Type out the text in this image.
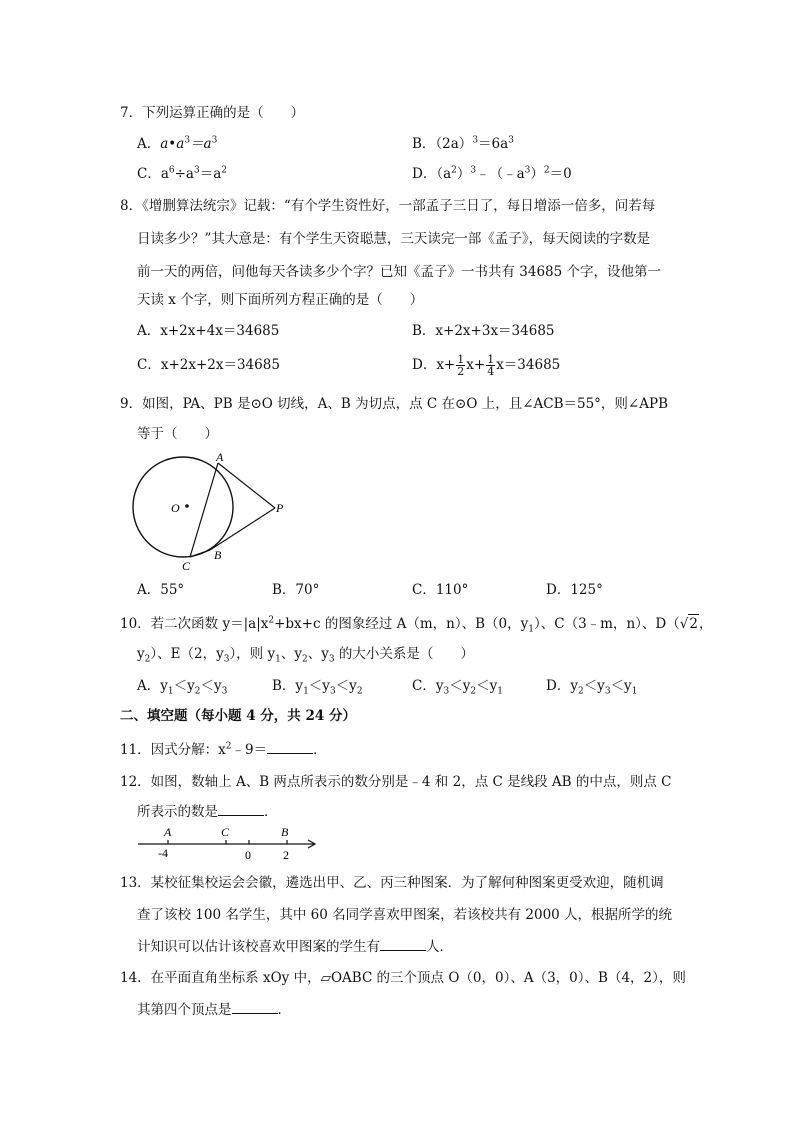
7．下列运算正确的是（　　）
A．$a•a^3=a^3$	B．$(2a)^3=6a^3$
C．$a^6\div a^3=a^2$	D．$(a^2)^3﹣(﹣a^3)^2=0$
8．《增删算法统宗》记载：“有个学生资性好，一部孟子三日了，每日增添一倍多，问若每
日读多少？”其大意是：有个学生天资聪慧，三天读完一部《孟子》，每天阅读的字数是
前一天的两倍，问他每天各读多少个字？已知《孟子》一书共有 34685 个字，设他第一
天读 x 个字，则下面所列方程正确的是（　　）
A．x+2x+4x＝34685	B．x+2x+3x＝34685
C．x+2x+2x＝34685	D．$x+ \frac{1}{2} x+ \frac{1}{4} x=34685$
9．如图，PA、PB 是⊙O 切线，A、B 为切点，点 C 在⊙O 上，且∠ACB＝55°，则∠APB
等于（　　）
A
O	P
B
C
A．55°	B．70°	C．110°	D．125°
10．若二次函数 $y=|a|x^2+bx+c$ 的图象经过 A（m，n）、B（0，$y_1$）、C（3﹣m，n）、D（√2，
$y_2$）、E（2，$y_3$），则 $y_1$、$y_2$、$y_3$ 的大小关系是（　　）
A．$y_1<y_2<y_3$	B．$y_1<y_3<y_2$	C．$y_3<y_2<y_1$	D．$y_2<y_3<y_1$
二、填空题（每小题 4 分，共 24 分）
11．因式分解：$x^2﹣9=$	．
12．如图，数轴上 A、B 两点所表示的数分别是﹣4 和 2，点 C 是线段 AB 的中点，则点 C
所表示的数是	．
A	C	B
-4	0	2
13．某校征集校运会会徽，遴选出甲、乙、丙三种图案．为了解何种图案更受欢迎，随机调
查了该校 100 名学生，其中 60 名同学喜欢甲图案，若该校共有 2000 人，根据所学的统
计知识可以估计该校喜欢甲图案的学生有	人．
14．在平面直角坐标系 xOy 中，▱OABC 的三个顶点 O（0，0）、A（3，0）、B（4，2），则
其第四个顶点是	．
